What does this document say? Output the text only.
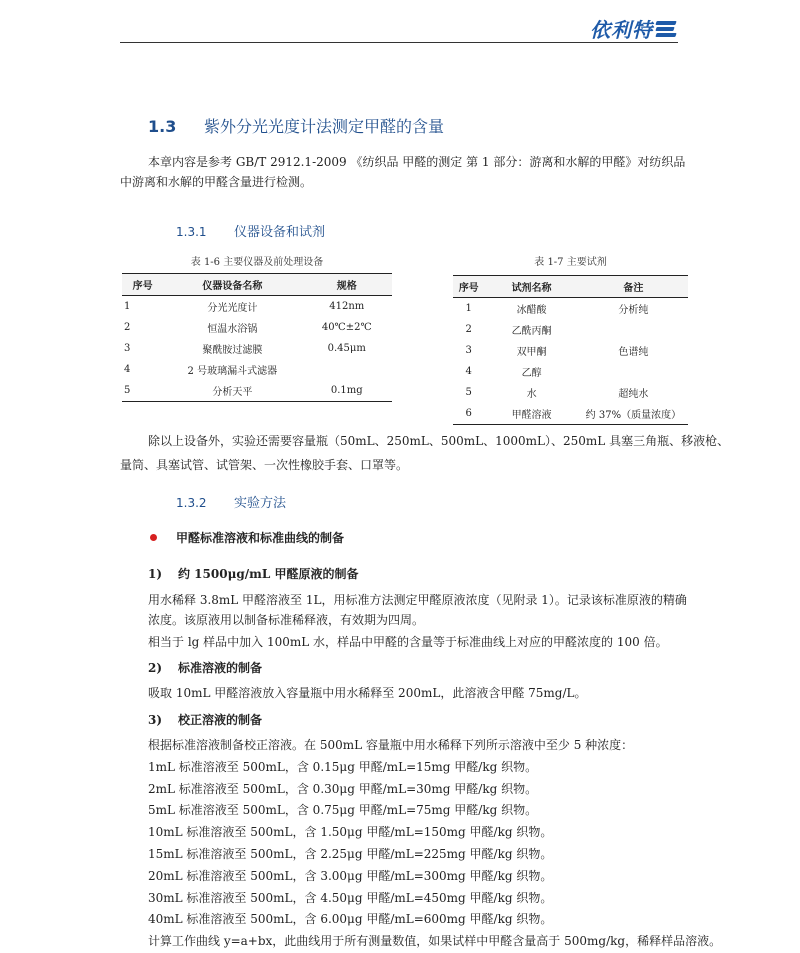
依利特
1.3 紫外分光光度计法测定甲醛的含量
本章内容是参考 GB/T 2912.1-2009 《纺织品 甲醛的测定 第 1 部分：游离和水解的甲醛》对纺织品
中游离和水解的甲醛含量进行检测。
1.3.1 仪器设备和试剂
表 1-6 主要仪器及前处理设备
序号	仪器设备名称	规格
1	分光光度计	412nm
2	恒温水浴锅	40℃±2℃
3	聚酰胺过滤膜	0.45μm
4	2 号玻璃漏斗式滤器	
5	分析天平	0.1mg
表 1-7 主要试剂
序号	试剂名称	备注
1	冰醋酸	分析纯
2	乙酰丙酮	
3	双甲酮	色谱纯
4	乙醇	
5	水	超纯水
6	甲醛溶液	约 37%（质量浓度）
除以上设备外，实验还需要容量瓶（50mL、250mL、500mL、1000mL）、250mL 具塞三角瓶、移液枪、
量筒、具塞试管、试管架、一次性橡胶手套、口罩等。
1.3.2 实验方法
甲醛标准溶液和标准曲线的制备
1) 约 1500μg/mL 甲醛原液的制备
用水稀释 3.8mL 甲醛溶液至 1L，用标准方法测定甲醛原液浓度（见附录 1）。记录该标准原液的精确
浓度。该原液用以制备标准稀释液，有效期为四周。
相当于 lg 样品中加入 100mL 水，样品中甲醛的含量等于标准曲线上对应的甲醛浓度的 100 倍。
2) 标准溶液的制备
吸取 10mL 甲醛溶液放入容量瓶中用水稀释至 200mL，此溶液含甲醛 75mg/L。
3) 校正溶液的制备
根据标准溶液制备校正溶液。在 500mL 容量瓶中用水稀释下列所示溶液中至少 5 种浓度：
1mL 标准溶液至 500mL，含 0.15μg 甲醛/mL=15mg 甲醛/kg 织物。
2mL 标准溶液至 500mL，含 0.30μg 甲醛/mL=30mg 甲醛/kg 织物。
5mL 标准溶液至 500mL，含 0.75μg 甲醛/mL=75mg 甲醛/kg 织物。
10mL 标准溶液至 500mL，含 1.50μg 甲醛/mL=150mg 甲醛/kg 织物。
15mL 标准溶液至 500mL，含 2.25μg 甲醛/mL=225mg 甲醛/kg 织物。
20mL 标准溶液至 500mL，含 3.00μg 甲醛/mL=300mg 甲醛/kg 织物。
30mL 标准溶液至 500mL，含 4.50μg 甲醛/mL=450mg 甲醛/kg 织物。
40mL 标准溶液至 500mL，含 6.00μg 甲醛/mL=600mg 甲醛/kg 织物。
计算工作曲线 y=a+bx，此曲线用于所有测量数值，如果试样中甲醛含量高于 500mg/kg，稀释样品溶液。
